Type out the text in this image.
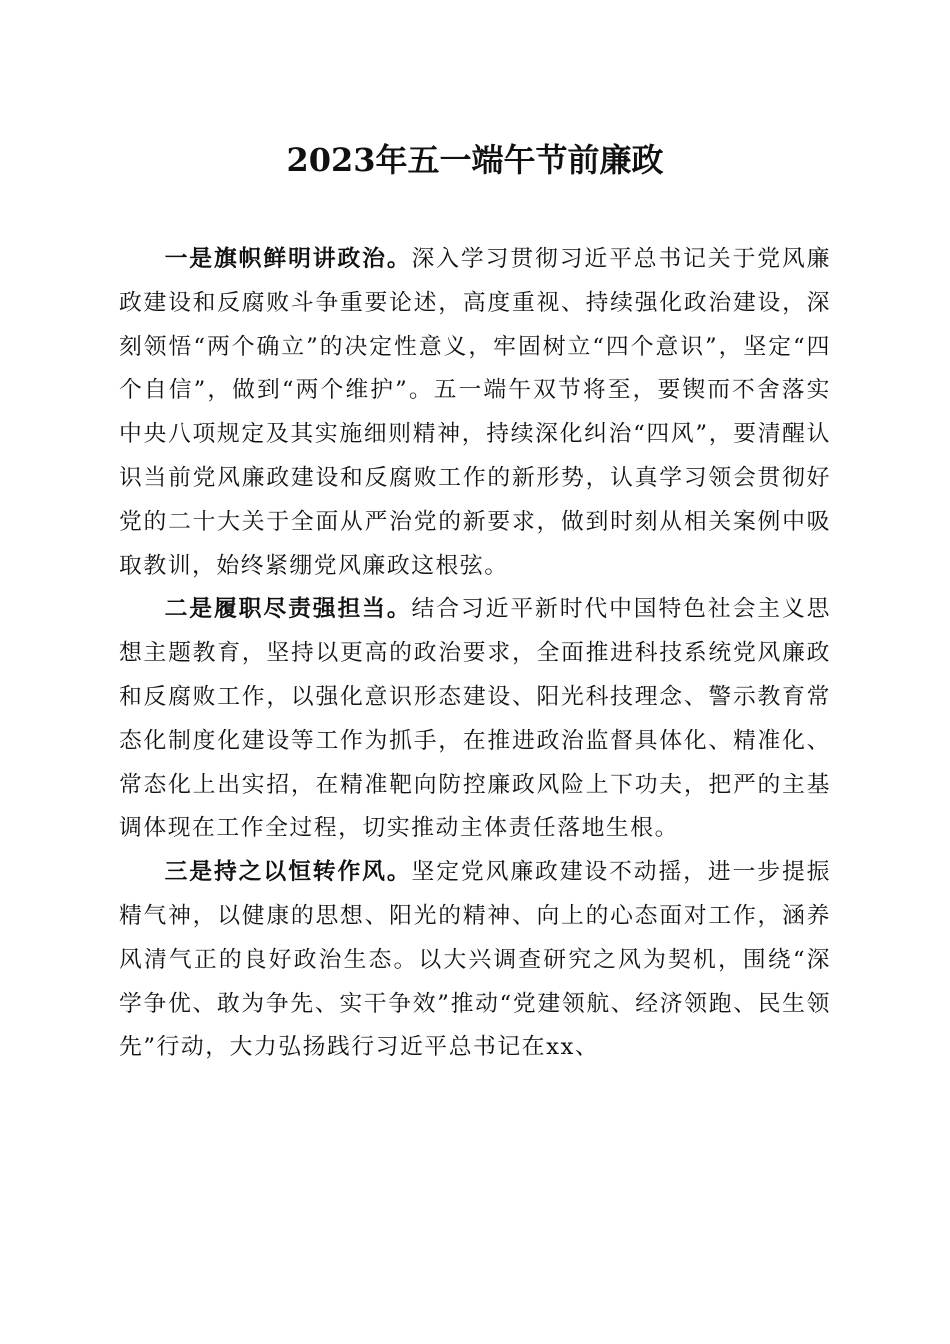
2023年五一端午节前廉政

一是旗帜鲜明讲政治。深入学习贯彻习近平总书记关于党风廉政建设和反腐败斗争重要论述，高度重视、持续强化政治建设，深刻领悟“两个确立”的决定性意义，牢固树立“四个意识”，坚定“四个自信”，做到“两个维护”。五一端午双节将至，要锲而不舍落实中央八项规定及其实施细则精神，持续深化纠治“四风”，要清醒认识当前党风廉政建设和反腐败工作的新形势，认真学习领会贯彻好党的二十大关于全面从严治党的新要求，做到时刻从相关案例中吸取教训，始终紧绷党风廉政这根弦。

二是履职尽责强担当。结合习近平新时代中国特色社会主义思想主题教育，坚持以更高的政治要求，全面推进科技系统党风廉政和反腐败工作，以强化意识形态建设、阳光科技理念、警示教育常态化制度化建设等工作为抓手，在推进政治监督具体化、精准化、常态化上出实招，在精准靶向防控廉政风险上下功夫，把严的主基调体现在工作全过程，切实推动主体责任落地生根。

三是持之以恒转作风。坚定党风廉政建设不动摇，进一步提振精气神，以健康的思想、阳光的精神、向上的心态面对工作，涵养风清气正的良好政治生态。以大兴调查研究之风为契机，围绕“深学争优、敢为争先、实干争效”推动“党建领航、经济领跑、民生领先”行动，大力弘扬践行习近平总书记在xx、
